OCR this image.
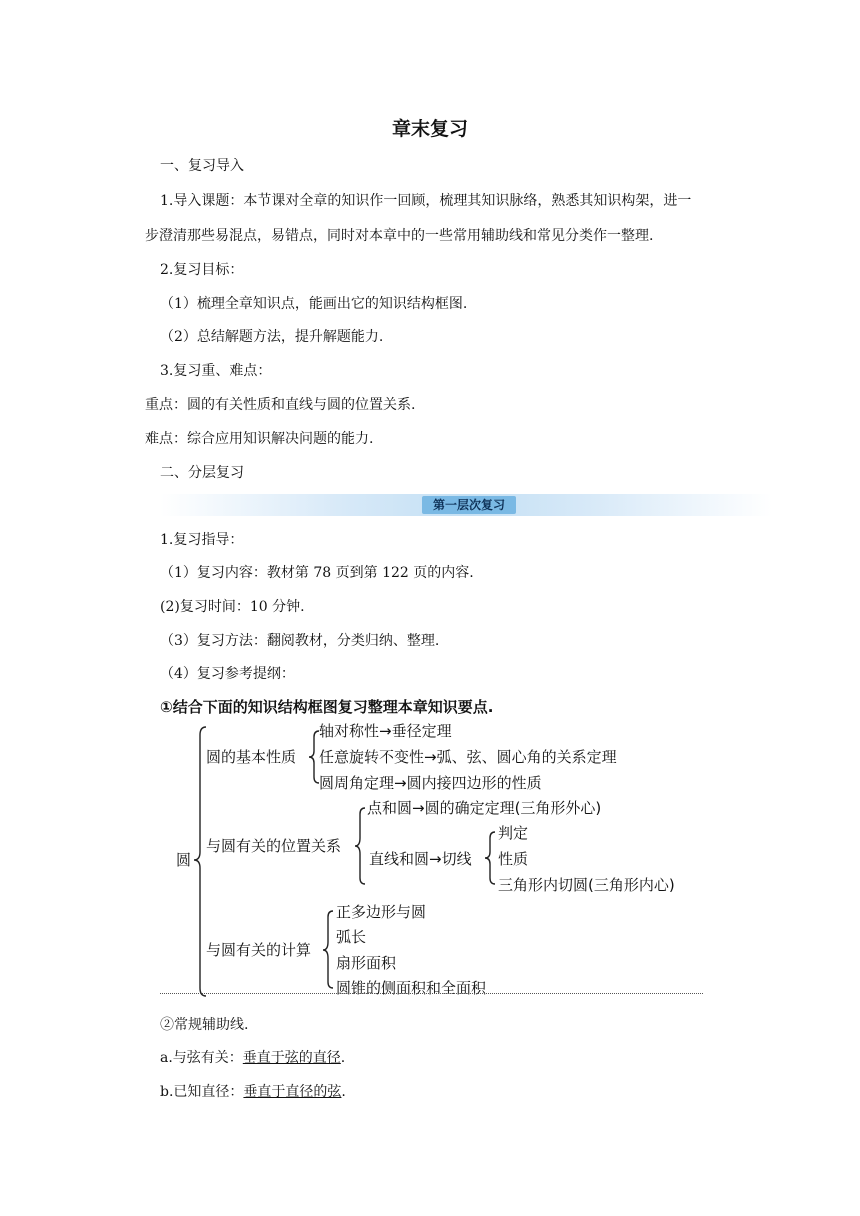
章末复习
一、复习导入
1.导入课题：本节课对全章的知识作一回顾，梳理其知识脉络，熟悉其知识构架，进一
步澄清那些易混点，易错点，同时对本章中的一些常用辅助线和常见分类作一整理.
2.复习目标：
（1）梳理全章知识点，能画出它的知识结构框图.
（2）总结解题方法，提升解题能力.
3.复习重、难点：
重点：圆的有关性质和直线与圆的位置关系.
难点：综合应用知识解决问题的能力.
二、分层复习
第一层次复习
1.复习指导：
（1）复习内容：教材第 78 页到第 122 页的内容.
(2)复习时间：10 分钟.
（3）复习方法：翻阅教材，分类归纳、整理.
（4）复习参考提纲：
①结合下面的知识结构框图复习整理本章知识要点.
圆
圆的基本性质
轴对称性→垂径定理
任意旋转不变性→弧、弦、圆心角的关系定理
圆周角定理→圆内接四边形的性质
与圆有关的位置关系
点和圆→圆的确定定理(三角形外心)
直线和圆→切线
判定
性质
三角形内切圆(三角形内心)
与圆有关的计算
正多边形与圆
弧长
扇形面积
圆锥的侧面积和全面积
②常规辅助线.
a.与弦有关：垂直于弦的直径.
b.已知直径：垂直于直径的弦.
